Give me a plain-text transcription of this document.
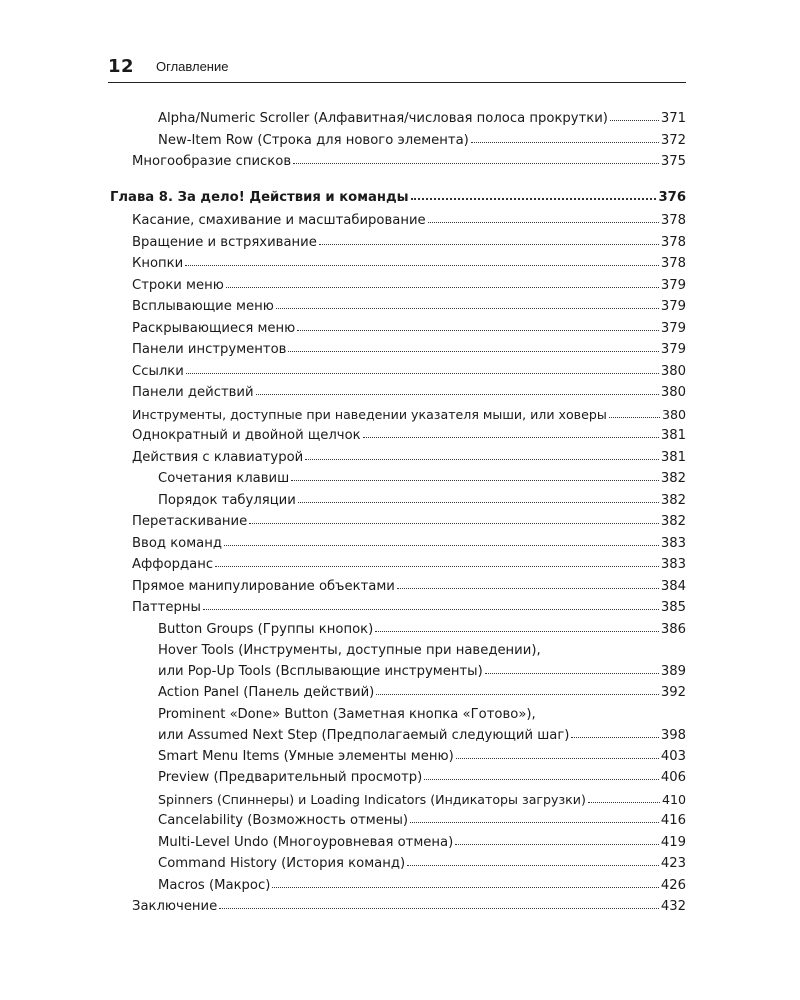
12 Оглавление
Alpha/Numeric Scroller (Алфавитная/числовая полоса прокрутки)	371
New-Item Row (Строка для нового элемента)	372
Многообразие списков	375
Глава 8. За дело! Действия и команды	376
Касание, смахивание и масштабирование	378
Вращение и встряхивание	378
Кнопки	378
Строки меню	379
Всплывающие меню	379
Раскрывающиеся меню	379
Панели инструментов	379
Ссылки	380
Панели действий	380
Инструменты, доступные при наведении указателя мыши, или ховеры	380
Однократный и двойной щелчок	381
Действия с клавиатурой	381
Сочетания клавиш	382
Порядок табуляции	382
Перетаскивание	382
Ввод команд	383
Аффорданс	383
Прямое манипулирование объектами	384
Паттерны	385
Button Groups (Группы кнопок)	386
Hover Tools (Инструменты, доступные при наведении),
или Pop-Up Tools (Всплывающие инструменты)	389
Action Panel (Панель действий)	392
Prominent «Done» Button (Заметная кнопка «Готово»),
или Assumed Next Step (Предполагаемый следующий шаг)	398
Smart Menu Items (Умные элементы меню)	403
Preview (Предварительный просмотр)	406
Spinners (Спиннеры) и Loading Indicators (Индикаторы загрузки)	410
Cancelability (Возможность отмены)	416
Multi-Level Undo (Многоуровневая отмена)	419
Command History (История команд)	423
Macros (Макрос)	426
Заключение	432
